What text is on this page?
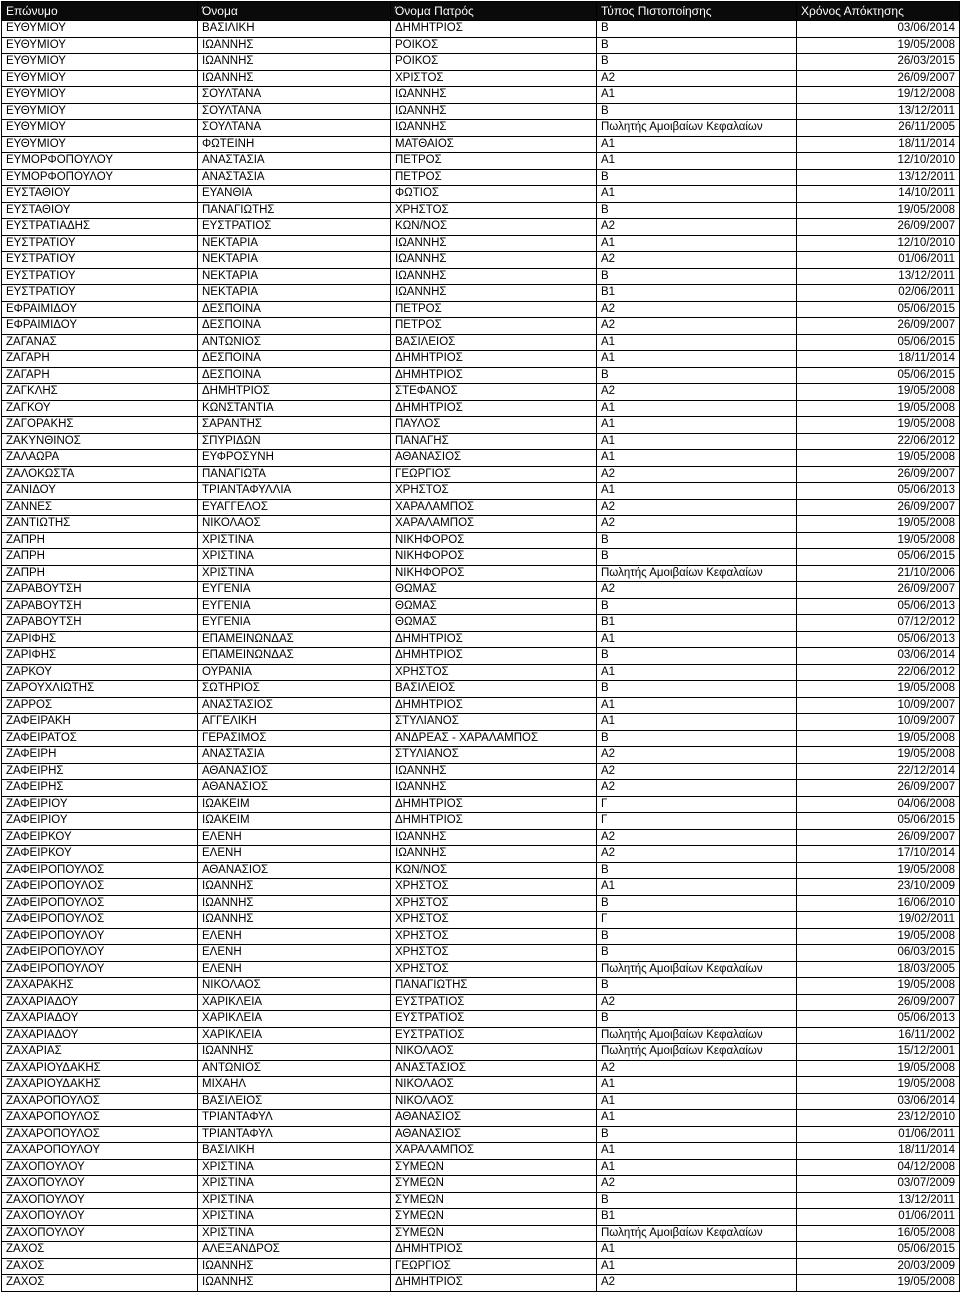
Επώνυμο	Όνομα	Όνομα Πατρός	Τύπος Πιστοποίησης	Χρόνος Απόκτησης
ΕΥΘΥΜΙΟΥ	ΒΑΣΙΛΙΚΗ	ΔΗΜΗΤΡΙΟΣ	Β	03/06/2014
ΕΥΘΥΜΙΟΥ	ΙΩΑΝΝΗΣ	ΡΟΙΚΟΣ	Β	19/05/2008
ΕΥΘΥΜΙΟΥ	ΙΩΑΝΝΗΣ	ΡΟΙΚΟΣ	Β	26/03/2015
ΕΥΘΥΜΙΟΥ	ΙΩΑΝΝΗΣ	ΧΡΙΣΤΟΣ	Α2	26/09/2007
ΕΥΘΥΜΙΟΥ	ΣΟΥΛΤΑΝΑ	ΙΩΑΝΝΗΣ	Α1	19/12/2008
ΕΥΘΥΜΙΟΥ	ΣΟΥΛΤΑΝΑ	ΙΩΑΝΝΗΣ	Β	13/12/2011
ΕΥΘΥΜΙΟΥ	ΣΟΥΛΤΑΝΑ	ΙΩΑΝΝΗΣ	Πωλητής Αμοιβαίων Κεφαλαίων	26/11/2005
ΕΥΘΥΜΙΟΥ	ΦΩΤΕΙΝΗ	ΜΑΤΘΑΙΟΣ	Α1	18/11/2014
ΕΥΜΟΡΦΟΠΟΥΛΟΥ	ΑΝΑΣΤΑΣΙΑ	ΠΕΤΡΟΣ	Α1	12/10/2010
ΕΥΜΟΡΦΟΠΟΥΛΟΥ	ΑΝΑΣΤΑΣΙΑ	ΠΕΤΡΟΣ	Β	13/12/2011
ΕΥΣΤΑΘΙΟΥ	ΕΥΑΝΘΙΑ	ΦΩΤΙΟΣ	Α1	14/10/2011
ΕΥΣΤΑΘΙΟΥ	ΠΑΝΑΓΙΩΤΗΣ	ΧΡΗΣΤΟΣ	Β	19/05/2008
ΕΥΣΤΡΑΤΙΑΔΗΣ	ΕΥΣΤΡΑΤΙΟΣ	ΚΩΝ/ΝΟΣ	Α2	26/09/2007
ΕΥΣΤΡΑΤΙΟΥ	ΝΕΚΤΑΡΙΑ	ΙΩΑΝΝΗΣ	Α1	12/10/2010
ΕΥΣΤΡΑΤΙΟΥ	ΝΕΚΤΑΡΙΑ	ΙΩΑΝΝΗΣ	Α2	01/06/2011
ΕΥΣΤΡΑΤΙΟΥ	ΝΕΚΤΑΡΙΑ	ΙΩΑΝΝΗΣ	Β	13/12/2011
ΕΥΣΤΡΑΤΙΟΥ	ΝΕΚΤΑΡΙΑ	ΙΩΑΝΝΗΣ	Β1	02/06/2011
ΕΦΡΑΙΜΙΔΟΥ	ΔΕΣΠΟΙΝΑ	ΠΕΤΡΟΣ	Α2	05/06/2015
ΕΦΡΑΙΜΙΔΟΥ	ΔΕΣΠΟΙΝΑ	ΠΕΤΡΟΣ	Α2	26/09/2007
ΖΑΓΑΝΑΣ	ΑΝΤΩΝΙΟΣ	ΒΑΣΙΛΕΙΟΣ	Α1	05/06/2015
ΖΑΓΑΡΗ	ΔΕΣΠΟΙΝΑ	ΔΗΜΗΤΡΙΟΣ	Α1	18/11/2014
ΖΑΓΑΡΗ	ΔΕΣΠΟΙΝΑ	ΔΗΜΗΤΡΙΟΣ	Β	05/06/2015
ΖΑΓΚΛΗΣ	ΔΗΜΗΤΡΙΟΣ	ΣΤΕΦΑΝΟΣ	Α2	19/05/2008
ΖΑΓΚΟΥ	ΚΩΝΣΤΑΝΤΙΑ	ΔΗΜΗΤΡΙΟΣ	Α1	19/05/2008
ΖΑΓΟΡΑΚΗΣ	ΣΑΡΑΝΤΗΣ	ΠΑΥΛΟΣ	Α1	19/05/2008
ΖΑΚΥΝΘΙΝΟΣ	ΣΠΥΡΙΔΩΝ	ΠΑΝΑΓΗΣ	Α1	22/06/2012
ΖΑΛΑΩΡΑ	ΕΥΦΡΟΣΥΝΗ	ΑΘΑΝΑΣΙΟΣ	Α1	19/05/2008
ΖΑΛΟΚΩΣΤΑ	ΠΑΝΑΓΙΩΤΑ	ΓΕΩΡΓΙΟΣ	Α2	26/09/2007
ΖΑΝΙΔΟΥ	ΤΡΙΑΝΤΑΦΥΛΛΙΑ	ΧΡΗΣΤΟΣ	Α1	05/06/2013
ΖΑΝΝΕΣ	ΕΥΑΓΓΕΛΟΣ	ΧΑΡΑΛΑΜΠΟΣ	Α2	26/09/2007
ΖΑΝΤΙΩΤΗΣ	ΝΙΚΟΛΑΟΣ	ΧΑΡΑΛΑΜΠΟΣ	Α2	19/05/2008
ΖΑΠΡΗ	ΧΡΙΣΤΙΝΑ	ΝΙΚΗΦΟΡΟΣ	Β	19/05/2008
ΖΑΠΡΗ	ΧΡΙΣΤΙΝΑ	ΝΙΚΗΦΟΡΟΣ	Β	05/06/2015
ΖΑΠΡΗ	ΧΡΙΣΤΙΝΑ	ΝΙΚΗΦΟΡΟΣ	Πωλητής Αμοιβαίων Κεφαλαίων	21/10/2006
ΖΑΡΑΒΟΥΤΣΗ	ΕΥΓΕΝΙΑ	ΘΩΜΑΣ	Α2	26/09/2007
ΖΑΡΑΒΟΥΤΣΗ	ΕΥΓΕΝΙΑ	ΘΩΜΑΣ	Β	05/06/2013
ΖΑΡΑΒΟΥΤΣΗ	ΕΥΓΕΝΙΑ	ΘΩΜΑΣ	Β1	07/12/2012
ΖΑΡΙΦΗΣ	ΕΠΑΜΕΙΝΩΝΔΑΣ	ΔΗΜΗΤΡΙΟΣ	Α1	05/06/2013
ΖΑΡΙΦΗΣ	ΕΠΑΜΕΙΝΩΝΔΑΣ	ΔΗΜΗΤΡΙΟΣ	Β	03/06/2014
ΖΑΡΚΟΥ	ΟΥΡΑΝΙΑ	ΧΡΗΣΤΟΣ	Α1	22/06/2012
ΖΑΡΟΥΧΛΙΩΤΗΣ	ΣΩΤΗΡΙΟΣ	ΒΑΣΙΛΕΙΟΣ	Β	19/05/2008
ΖΑΡΡΟΣ	ΑΝΑΣΤΑΣΙΟΣ	ΔΗΜΗΤΡΙΟΣ	Α1	10/09/2007
ΖΑΦΕΙΡΑΚΗ	ΑΓΓΕΛΙΚΗ	ΣΤΥΛΙΑΝΟΣ	Α1	10/09/2007
ΖΑΦΕΙΡΑΤΟΣ	ΓΕΡΑΣΙΜΟΣ	ΑΝΔΡΕΑΣ - ΧΑΡΑΛΑΜΠΟΣ	Β	19/05/2008
ΖΑΦΕΙΡΗ	ΑΝΑΣΤΑΣΙΑ	ΣΤΥΛΙΑΝΟΣ	Α2	19/05/2008
ΖΑΦΕΙΡΗΣ	ΑΘΑΝΑΣΙΟΣ	ΙΩΑΝΝΗΣ	Α2	22/12/2014
ΖΑΦΕΙΡΗΣ	ΑΘΑΝΑΣΙΟΣ	ΙΩΑΝΝΗΣ	Α2	26/09/2007
ΖΑΦΕΙΡΙΟΥ	ΙΩΑΚΕΙΜ	ΔΗΜΗΤΡΙΟΣ	Γ	04/06/2008
ΖΑΦΕΙΡΙΟΥ	ΙΩΑΚΕΙΜ	ΔΗΜΗΤΡΙΟΣ	Γ	05/06/2015
ΖΑΦΕΙΡΚΟΥ	ΕΛΕΝΗ	ΙΩΑΝΝΗΣ	Α2	26/09/2007
ΖΑΦΕΙΡΚΟΥ	ΕΛΕΝΗ	ΙΩΑΝΝΗΣ	Α2	17/10/2014
ΖΑΦΕΙΡΟΠΟΥΛΟΣ	ΑΘΑΝΑΣΙΟΣ	ΚΩΝ/ΝΟΣ	Β	19/05/2008
ΖΑΦΕΙΡΟΠΟΥΛΟΣ	ΙΩΑΝΝΗΣ	ΧΡΗΣΤΟΣ	Α1	23/10/2009
ΖΑΦΕΙΡΟΠΟΥΛΟΣ	ΙΩΑΝΝΗΣ	ΧΡΗΣΤΟΣ	Β	16/06/2010
ΖΑΦΕΙΡΟΠΟΥΛΟΣ	ΙΩΑΝΝΗΣ	ΧΡΗΣΤΟΣ	Γ	19/02/2011
ΖΑΦΕΙΡΟΠΟΥΛΟΥ	ΕΛΕΝΗ	ΧΡΗΣΤΟΣ	Β	19/05/2008
ΖΑΦΕΙΡΟΠΟΥΛΟΥ	ΕΛΕΝΗ	ΧΡΗΣΤΟΣ	Β	06/03/2015
ΖΑΦΕΙΡΟΠΟΥΛΟΥ	ΕΛΕΝΗ	ΧΡΗΣΤΟΣ	Πωλητής Αμοιβαίων Κεφαλαίων	18/03/2005
ΖΑΧΑΡΑΚΗΣ	ΝΙΚΟΛΑΟΣ	ΠΑΝΑΓΙΩΤΗΣ	Β	19/05/2008
ΖΑΧΑΡΙΑΔΟΥ	ΧΑΡΙΚΛΕΙΑ	ΕΥΣΤΡΑΤΙΟΣ	Α2	26/09/2007
ΖΑΧΑΡΙΑΔΟΥ	ΧΑΡΙΚΛΕΙΑ	ΕΥΣΤΡΑΤΙΟΣ	Β	05/06/2013
ΖΑΧΑΡΙΑΔΟΥ	ΧΑΡΙΚΛΕΙΑ	ΕΥΣΤΡΑΤΙΟΣ	Πωλητής Αμοιβαίων Κεφαλαίων	16/11/2002
ΖΑΧΑΡΙΑΣ	ΙΩΑΝΝΗΣ	ΝΙΚΟΛΑΟΣ	Πωλητής Αμοιβαίων Κεφαλαίων	15/12/2001
ΖΑΧΑΡΙΟΥΔΑΚΗΣ	ΑΝΤΩΝΙΟΣ	ΑΝΑΣΤΑΣΙΟΣ	Α2	19/05/2008
ΖΑΧΑΡΙΟΥΔΑΚΗΣ	ΜΙΧΑΗΛ	ΝΙΚΟΛΑΟΣ	Α1	19/05/2008
ΖΑΧΑΡΟΠΟΥΛΟΣ	ΒΑΣΙΛΕΙΟΣ	ΝΙΚΟΛΑΟΣ	Α1	03/06/2014
ΖΑΧΑΡΟΠΟΥΛΟΣ	ΤΡΙΑΝΤΑΦΥΛ	ΑΘΑΝΑΣΙΟΣ	Α1	23/12/2010
ΖΑΧΑΡΟΠΟΥΛΟΣ	ΤΡΙΑΝΤΑΦΥΛ	ΑΘΑΝΑΣΙΟΣ	Β	01/06/2011
ΖΑΧΑΡΟΠΟΥΛΟΥ	ΒΑΣΙΛΙΚΗ	ΧΑΡΑΛΑΜΠΟΣ	Α1	18/11/2014
ΖΑΧΟΠΟΥΛΟΥ	ΧΡΙΣΤΙΝΑ	ΣΥΜΕΩΝ	Α1	04/12/2008
ΖΑΧΟΠΟΥΛΟΥ	ΧΡΙΣΤΙΝΑ	ΣΥΜΕΩΝ	Α2	03/07/2009
ΖΑΧΟΠΟΥΛΟΥ	ΧΡΙΣΤΙΝΑ	ΣΥΜΕΩΝ	Β	13/12/2011
ΖΑΧΟΠΟΥΛΟΥ	ΧΡΙΣΤΙΝΑ	ΣΥΜΕΩΝ	Β1	01/06/2011
ΖΑΧΟΠΟΥΛΟΥ	ΧΡΙΣΤΙΝΑ	ΣΥΜΕΩΝ	Πωλητής Αμοιβαίων Κεφαλαίων	16/05/2008
ΖΑΧΟΣ	ΑΛΕΞΑΝΔΡΟΣ	ΔΗΜΗΤΡΙΟΣ	Α1	05/06/2015
ΖΑΧΟΣ	ΙΩΑΝΝΗΣ	ΓΕΩΡΓΙΟΣ	Α1	20/03/2009
ΖΑΧΟΣ	ΙΩΑΝΝΗΣ	ΔΗΜΗΤΡΙΟΣ	Α2	19/05/2008
